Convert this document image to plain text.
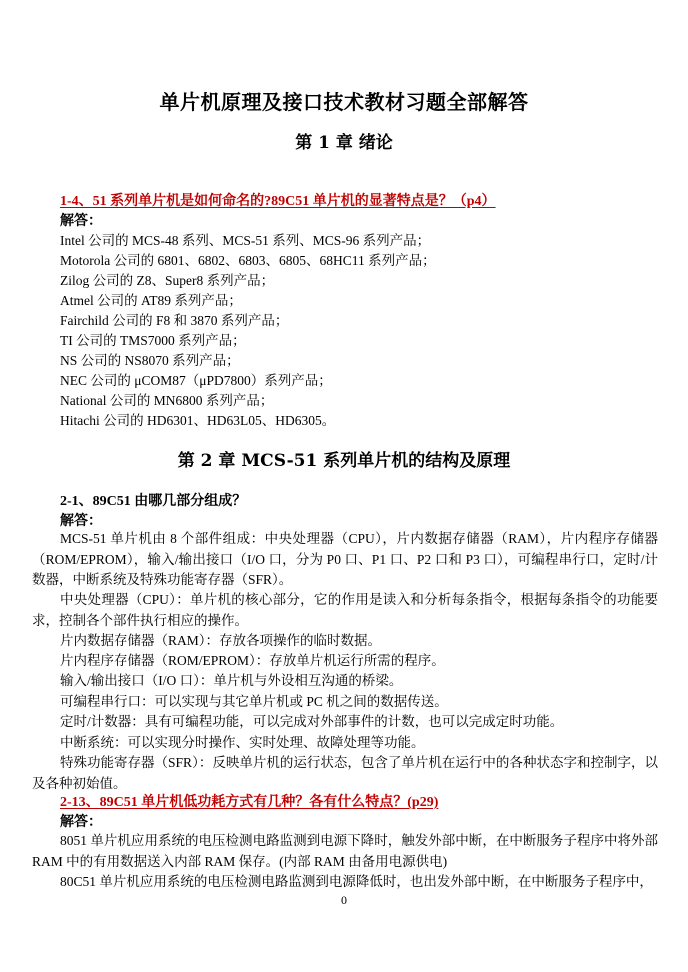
单片机原理及接口技术教材习题全部解答
第 1 章 绪论

1-4、51 系列单片机是如何命名的?89C51 单片机的显著特点是？（p4）

解答：

Intel 公司的 MCS-48 系列、MCS-51 系列、MCS-96 系列产品；

Motorola 公司的 6801、6802、6803、6805、68HC11 系列产品；

Zilog 公司的 Z8、Super8 系列产品；

Atmel 公司的 AT89 系列产品；

Fairchild 公司的 F8 和 3870 系列产品；

TI 公司的 TMS7000 系列产品；

NS 公司的 NS8070 系列产品；

NEC 公司的 μCOM87（μPD7800）系列产品；

National 公司的 MN6800 系列产品；

Hitachi 公司的 HD6301、HD63L05、HD6305。

第 2 章 MCS-51 系列单片机的结构及原理

2-1、89C51 由哪几部分组成？

解答：

MCS-51 单片机由 8 个部件组成：中央处理器（CPU），片内数据存储器（RAM），片内程序存储器（ROM/EPROM），输入/输出接口（I/O 口，分为 P0 口、P1 口、P2 口和 P3 口），可编程串行口，定时/计数器，中断系统及特殊功能寄存器（SFR）。

中央处理器（CPU）：单片机的核心部分，它的作用是读入和分析每条指令，根据每条指令的功能要求，控制各个部件执行相应的操作。

片内数据存储器（RAM）：存放各项操作的临时数据。

片内程序存储器（ROM/EPROM）：存放单片机运行所需的程序。

输入/输出接口（I/O 口）：单片机与外设相互沟通的桥梁。

可编程串行口：可以实现与其它单片机或 PC 机之间的数据传送。

定时/计数器：具有可编程功能，可以完成对外部事件的计数，也可以完成定时功能。

中断系统：可以实现分时操作、实时处理、故障处理等功能。

特殊功能寄存器（SFR）：反映单片机的运行状态，包含了单片机在运行中的各种状态字和控制字，以及各种初始值。

2-13、89C51 单片机低功耗方式有几种？各有什么特点？(p29)

解答：

8051 单片机应用系统的电压检测电路监测到电源下降时，触发外部中断，在中断服务子程序中将外部 RAM 中的有用数据送入内部 RAM 保存。(内部 RAM 由备用电源供电)

80C51 单片机应用系统的电压检测电路监测到电源降低时，也出发外部中断，在中断服务子程序中，

0
